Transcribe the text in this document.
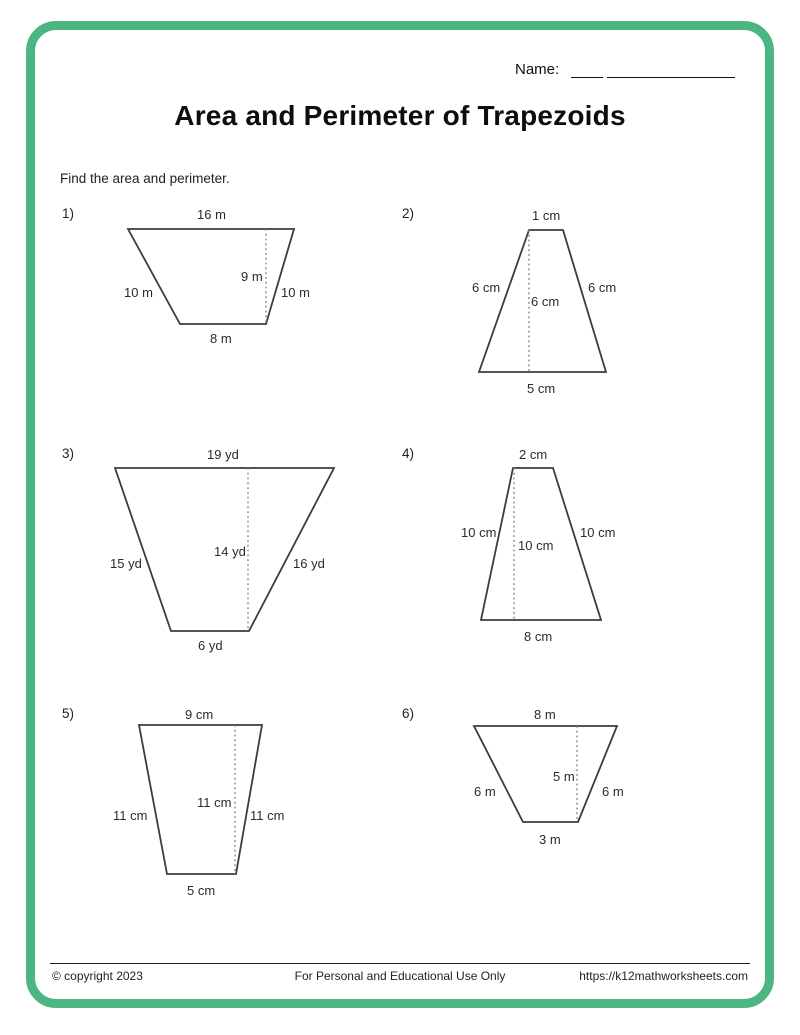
Name:
Area and Perimeter of Trapezoids
Find the area and perimeter.
1)	16 m
10 m	10 m
9 m
8 m
2)	1 cm
6 cm	6 cm
6 cm
5 cm
3)	19 yd
15 yd	16 yd
14 yd
6 yd
4)	2 cm
10 cm	10 cm
10 cm
8 cm
5)	9 cm
11 cm	11 cm
11 cm
5 cm
6)	8 m
6 m	6 m
5 m
3 m
© copyright 2023	For Personal and Educational Use Only	https://k12mathworksheets.com
